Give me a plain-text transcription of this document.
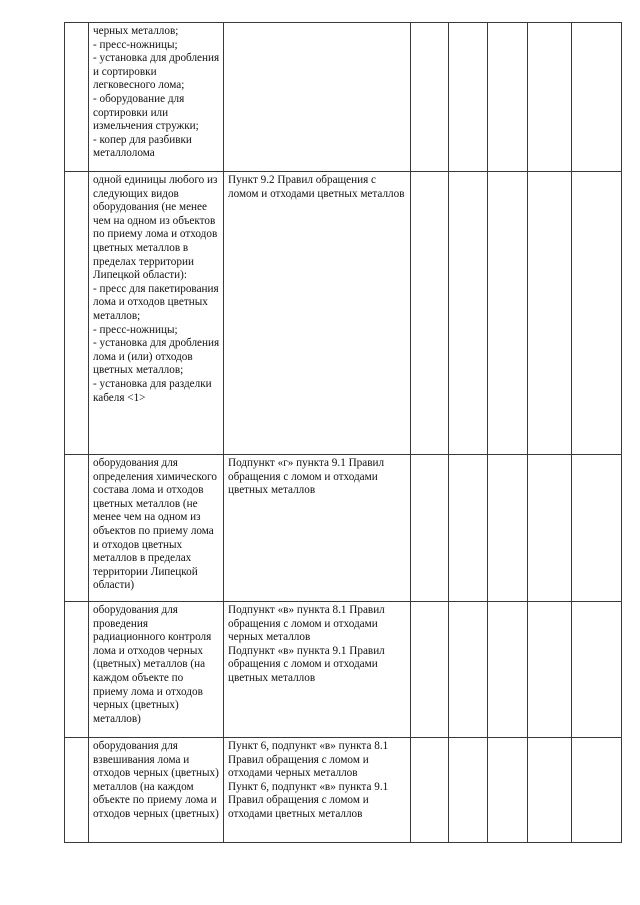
	черных металлов;
- пресс-ножницы;
- установка для дробления и сортировки легковесного лома;
- оборудование для сортировки или измельчения стружки;
- копер для разбивки металлолома						

	одной единицы любого из следующих видов оборудования (не менее чем на одном из объектов по приему лома и отходов цветных металлов в пределах территории Липецкой области):
- пресс для пакетирования лома и отходов цветных металлов;
- пресс-ножницы;
- установка для дробления лома и (или) отходов цветных металлов;
- установка для разделки кабеля <1>	Пункт 9.2 Правил обращения с ломом и отходами цветных металлов					

	оборудования для определения химического состава лома и отходов цветных металлов (не менее чем на одном из объектов по приему лома и отходов цветных металлов в пределах территории Липецкой области)	Подпункт «г» пункта 9.1 Правил обращения с ломом и отходами цветных металлов					

	оборудования для проведения радиационного контроля лома и отходов черных (цветных) металлов (на каждом объекте по приему лома и отходов черных (цветных) металлов)	Подпункт «в» пункта 8.1 Правил обращения с ломом и отходами черных металлов
Подпункт «в» пункта 9.1 Правил обращения с ломом и отходами цветных металлов					

	оборудования для взвешивания лома и отходов черных (цветных) металлов (на каждом объекте по приему лома и отходов черных (цветных)	Пункт 6, подпункт «в» пункта 8.1 Правил обращения с ломом и отходами черных металлов
Пункт 6, подпункт «в» пункта 9.1 Правил обращения с ломом и отходами цветных металлов					
